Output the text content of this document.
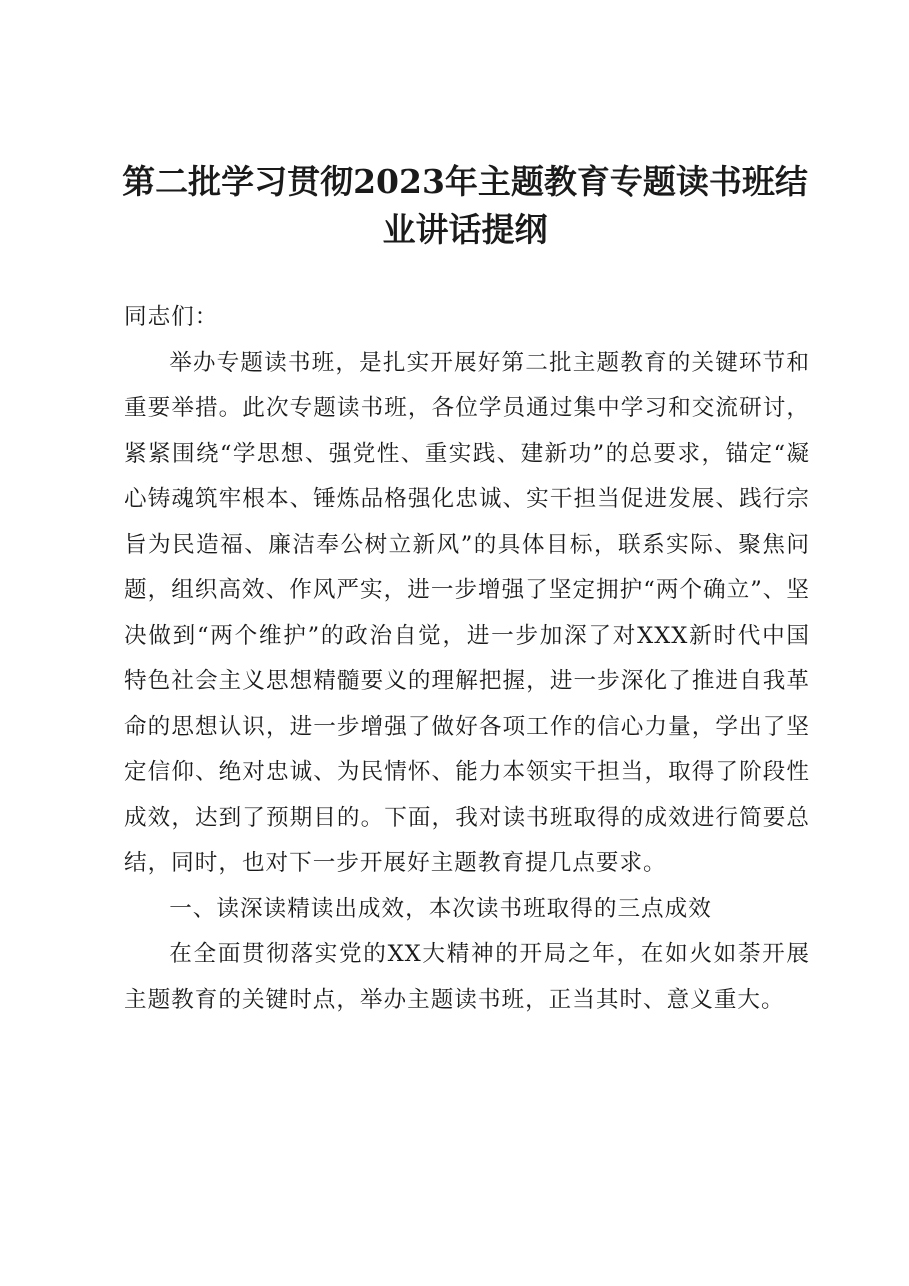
第二批学习贯彻2023年主题教育专题读书班结业讲话提纲

同志们：

举办专题读书班，是扎实开展好第二批主题教育的关键环节和重要举措。此次专题读书班，各位学员通过集中学习和交流研讨，紧紧围绕“学思想、强党性、重实践、建新功”的总要求，锚定“凝心铸魂筑牢根本、锤炼品格强化忠诚、实干担当促进发展、践行宗旨为民造福、廉洁奉公树立新风”的具体目标，联系实际、聚焦问题，组织高效、作风严实，进一步增强了坚定拥护“两个确立”、坚决做到“两个维护”的政治自觉，进一步加深了对XXX新时代中国特色社会主义思想精髓要义的理解把握，进一步深化了推进自我革命的思想认识，进一步增强了做好各项工作的信心力量，学出了坚定信仰、绝对忠诚、为民情怀、能力本领实干担当，取得了阶段性成效，达到了预期目的。下面，我对读书班取得的成效进行简要总结，同时，也对下一步开展好主题教育提几点要求。

一、读深读精读出成效，本次读书班取得的三点成效

在全面贯彻落实党的XX大精神的开局之年，在如火如荼开展主题教育的关键时点，举办主题读书班，正当其时、意义重大。
